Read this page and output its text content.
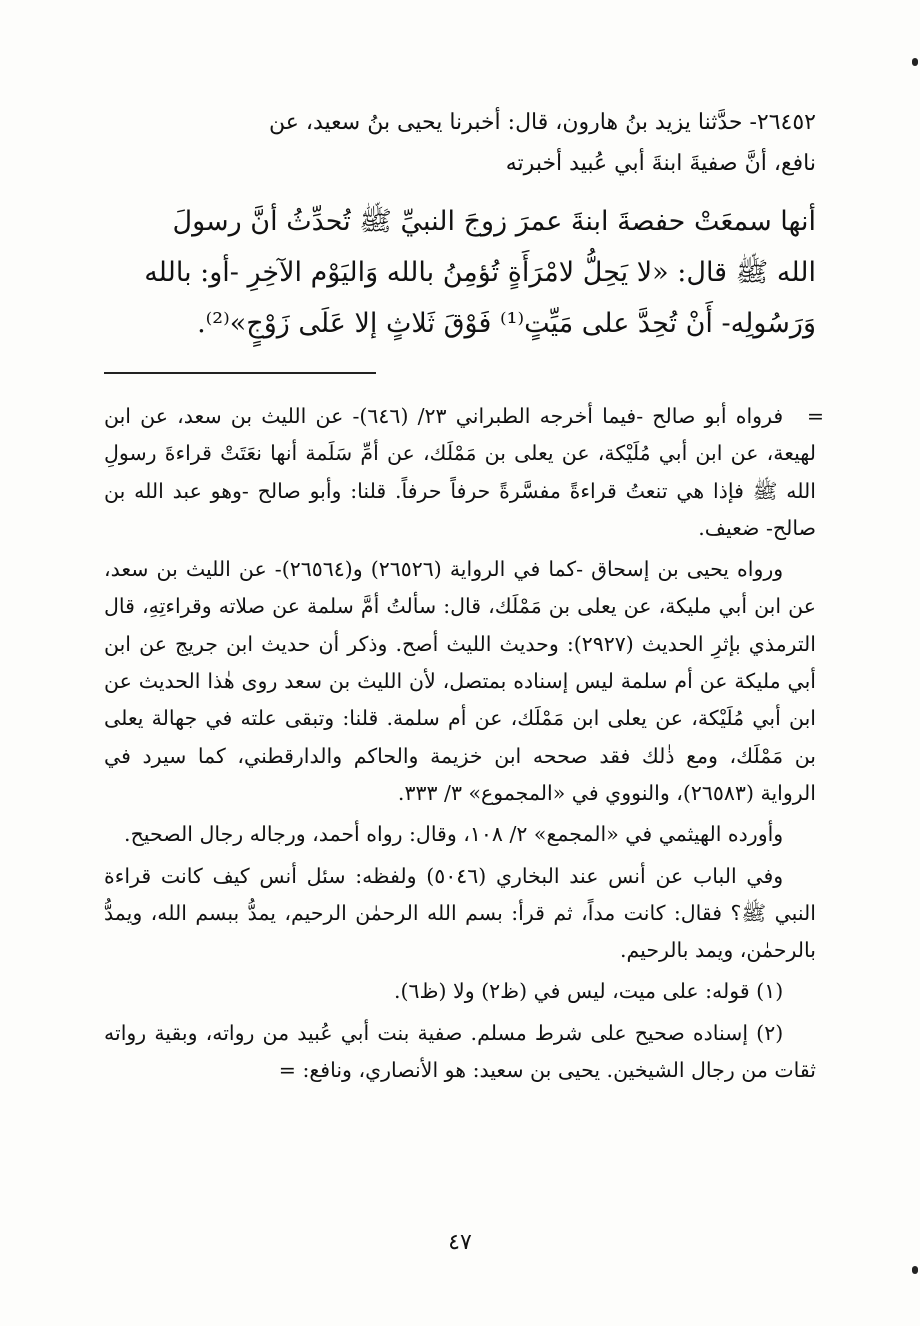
٢٦٤٥٢- حدَّثنا يزيد بنُ هارون، قال: أخبرنا يحيى بنُ سعيد، عن

نافع، أنَّ صفيةَ ابنةَ أبي عُبيد أخبرته

أنها سمعَتْ حفصةَ ابنةَ عمرَ زوجَ النبيِّ ﷺ تُحدِّثُ أنَّ رسولَ

الله ﷺ قال: «لا يَحِلُّ لامْرَأَةٍ تُؤمِنُ بالله وَاليَوْم الآخِرِ -أو: بالله

وَرَسُولِه- أَنْ تُحِدَّ على مَيِّتٍ⁽¹⁾ فَوْقَ ثَلاثٍ إلا عَلَى زَوْجٍ»⁽²⁾.

=
فرواه أبو صالح -فيما أخرجه الطبراني ٢٣/ (٦٤٦)- عن الليث بن سعد، عن ابن لهيعة، عن ابن أبي مُلَيْكة، عن يعلى بن مَمْلَك، عن أمِّ سَلَمة أنها نعَتَتْ قراءةَ رسولِ الله ﷺ فإذا هي تنعتُ قراءةً مفسَّرةً حرفاً حرفاً. قلنا: وأبو صالح -وهو عبد الله بن صالح- ضعيف.

ورواه يحيى بن إسحاق -كما في الرواية (٢٦٥٢٦) و(٢٦٥٦٤)- عن الليث بن سعد، عن ابن أبي مليكة، عن يعلى بن مَمْلَك، قال: سألتُ أمَّ سلمة عن صلاته وقراءتِهِ، قال الترمذي بإثرِ الحديث (٢٩٢٧): وحديث الليث أصح. وذكر أن حديث ابن جريج عن ابن أبي مليكة عن أم سلمة ليس إسناده بمتصل، لأن الليث بن سعد روى هٰذا الحديث عن ابن أبي مُلَيْكة، عن يعلى ابن مَمْلَك، عن أم سلمة. قلنا: وتبقى علته في جهالة يعلى بن مَمْلَك، ومع ذٰلك فقد صححه ابن خزيمة والحاكم والدارقطني، كما سيرد في الرواية (٢٦٥٨٣)، والنووي في «المجموع» ٣/ ٣٣٣.

وأورده الهيثمي في «المجمع» ٢/ ١٠٨، وقال: رواه أحمد، ورجاله رجال الصحيح.

وفي الباب عن أنس عند البخاري (٥٠٤٦) ولفظه: سئل أنس كيف كانت قراءة النبي ﷺ؟ فقال: كانت مداً، ثم قرأ: بسم الله الرحمٰن الرحيم، يمدُّ ببسم الله، ويمدُّ بالرحمٰن، ويمد بالرحيم.

(١) قوله: على ميت، ليس في (ظ٢) ولا (ظ٦).

(٢) إسناده صحيح على شرط مسلم. صفية بنت أبي عُبيد من رواته، وبقية رواته ثقات من رجال الشيخين. يحيى بن سعيد: هو الأنصاري، ونافع: =

٤٧
